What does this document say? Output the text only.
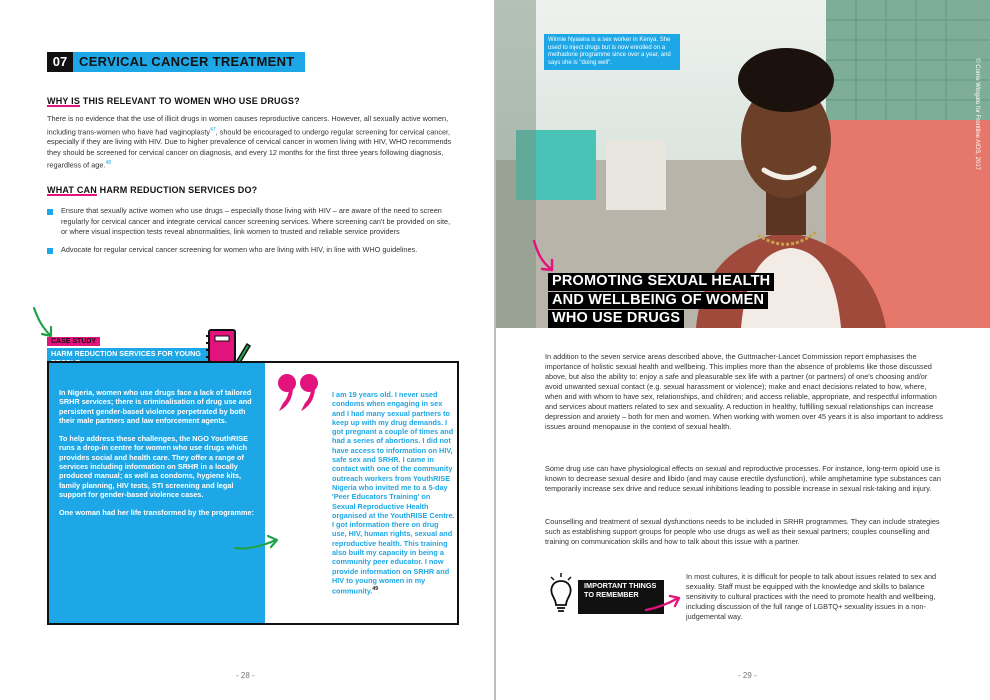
07 CERVICAL CANCER TREATMENT
WHY IS THIS RELEVANT TO WOMEN WHO USE DRUGS?
There is no evidence that the use of illicit drugs in women causes reproductive cancers. However, all sexually active women, including trans-women who have had vaginoplasty$^{47}$, should be encouraged to undergo regular screening for cervical cancer, especially if they are living with HIV. Due to higher prevalence of cervical cancer in women living with HIV, WHO recommends they should be screened for cervical cancer on diagnosis, and every 12 months for the first three years following diagnosis, regardless of age.$^{48}$
WHAT CAN HARM REDUCTION SERVICES DO?
Ensure that sexually active women who use drugs – especially those living with HIV – are aware of the need to screen regularly for cervical cancer and integrate cervical cancer screening services. Where screening can't be provided on site, or where visual inspection tests reveal abnormalities, link women to trusted and reliable service providers
Advocate for regular cervical cancer screening for women who are living with HIV, in line with WHO guidelines.
CASE STUDY
HARM REDUCTION SERVICES FOR YOUNG

In Nigeria, women who use drugs face a lack of tailored SRHR services; there is criminalisation of drug use and persistent gender-based violence perpetrated by both their male partners and law enforcement agents.

To help address these challenges, the NGO YouthRISE runs a drop-in centre for women who use drugs which provides social and health care. They offer a range of services including information on SRHR in a locally produced manual; as well as condoms, hygiene kits, family planning, HIV tests, STI screening and legal support for gender-based violence cases.

One woman had her life transformed by the programme:

I am 19 years old. I never used condoms when engaging in sex and I had many sexual partners to keep up with my drug demands. I got pregnant a couple of times and had a series of abortions. I did not have access to information on HIV, safe sex and SRHR. I came in contact with one of the community outreach workers from YouthRISE Nigeria who invited me to a 5-day 'Peer Educators Training' on Sexual Reproductive Health organised at the YouthRISE Centre. I got information there on drug use, HIV, human rights, sexual and reproductive health. This training also built my capacity in being a community peer educator. I now provide information on SRHR and HIV to young women in my community.$^{49}$
- 28 -
Winnie Nyawira is a sex worker in Kenya. She used to inject drugs but is now enrolled on a methadone programme since over a year, and says she is "doing well".	© Corrie Wingate for Frontline AIDS, 2017
PROMOTING SEXUAL HEALTH
AND WELLBEING OF WOMEN
WHO USE DRUGS

In addition to the seven service areas described above, the Guttmacher-Lancet Commission report emphasises the importance of holistic sexual health and wellbeing. This implies more than the absence of problems like those discussed above, but also the ability to: enjoy a safe and pleasurable sex life with a partner (or partners) of one's choosing and/or avoid unwanted sexual contact (e.g. sexual harassment or violence); make and enact decisions related to how, where, when and with whom to have sex, relationships, and children; and access reliable, appropriate, and respectful information and services about matters related to sex and sexuality. A reduction in healthy, fulfilling sexual relationships can increase depression and anxiety – both for men and women. When working with women over 45 years it is also important to address issues around menopause in the context of sexual health.

Some drug use can have physiological effects on sexual and reproductive processes. For instance, long-term opioid use is known to decrease sexual desire and libido (and may cause erectile dysfunction), while amphetamine type substances can temporarily increase sex drive and reduce sexual inhibitions leading to possible increase in sexual risk-taking and injury.

Counselling and treatment of sexual dysfunctions needs to be included in SRHR programmes. They can include strategies such as establishing support groups for people who use drugs as well as their sexual partners; couples counselling and training on communication skills and how to talk about this issue with a partner.

IMPORTANT THINGS TO REMEMBER
In most cultures, it is difficult for people to talk about issues related to sex and sexuality. Staff must be equipped with the knowledge and skills to balance sensitivity to cultural practices with the need to promote health and wellbeing, including discussion of the full range of LGBTQ+ sexuality issues in a non-judgemental way.
- 29 -
